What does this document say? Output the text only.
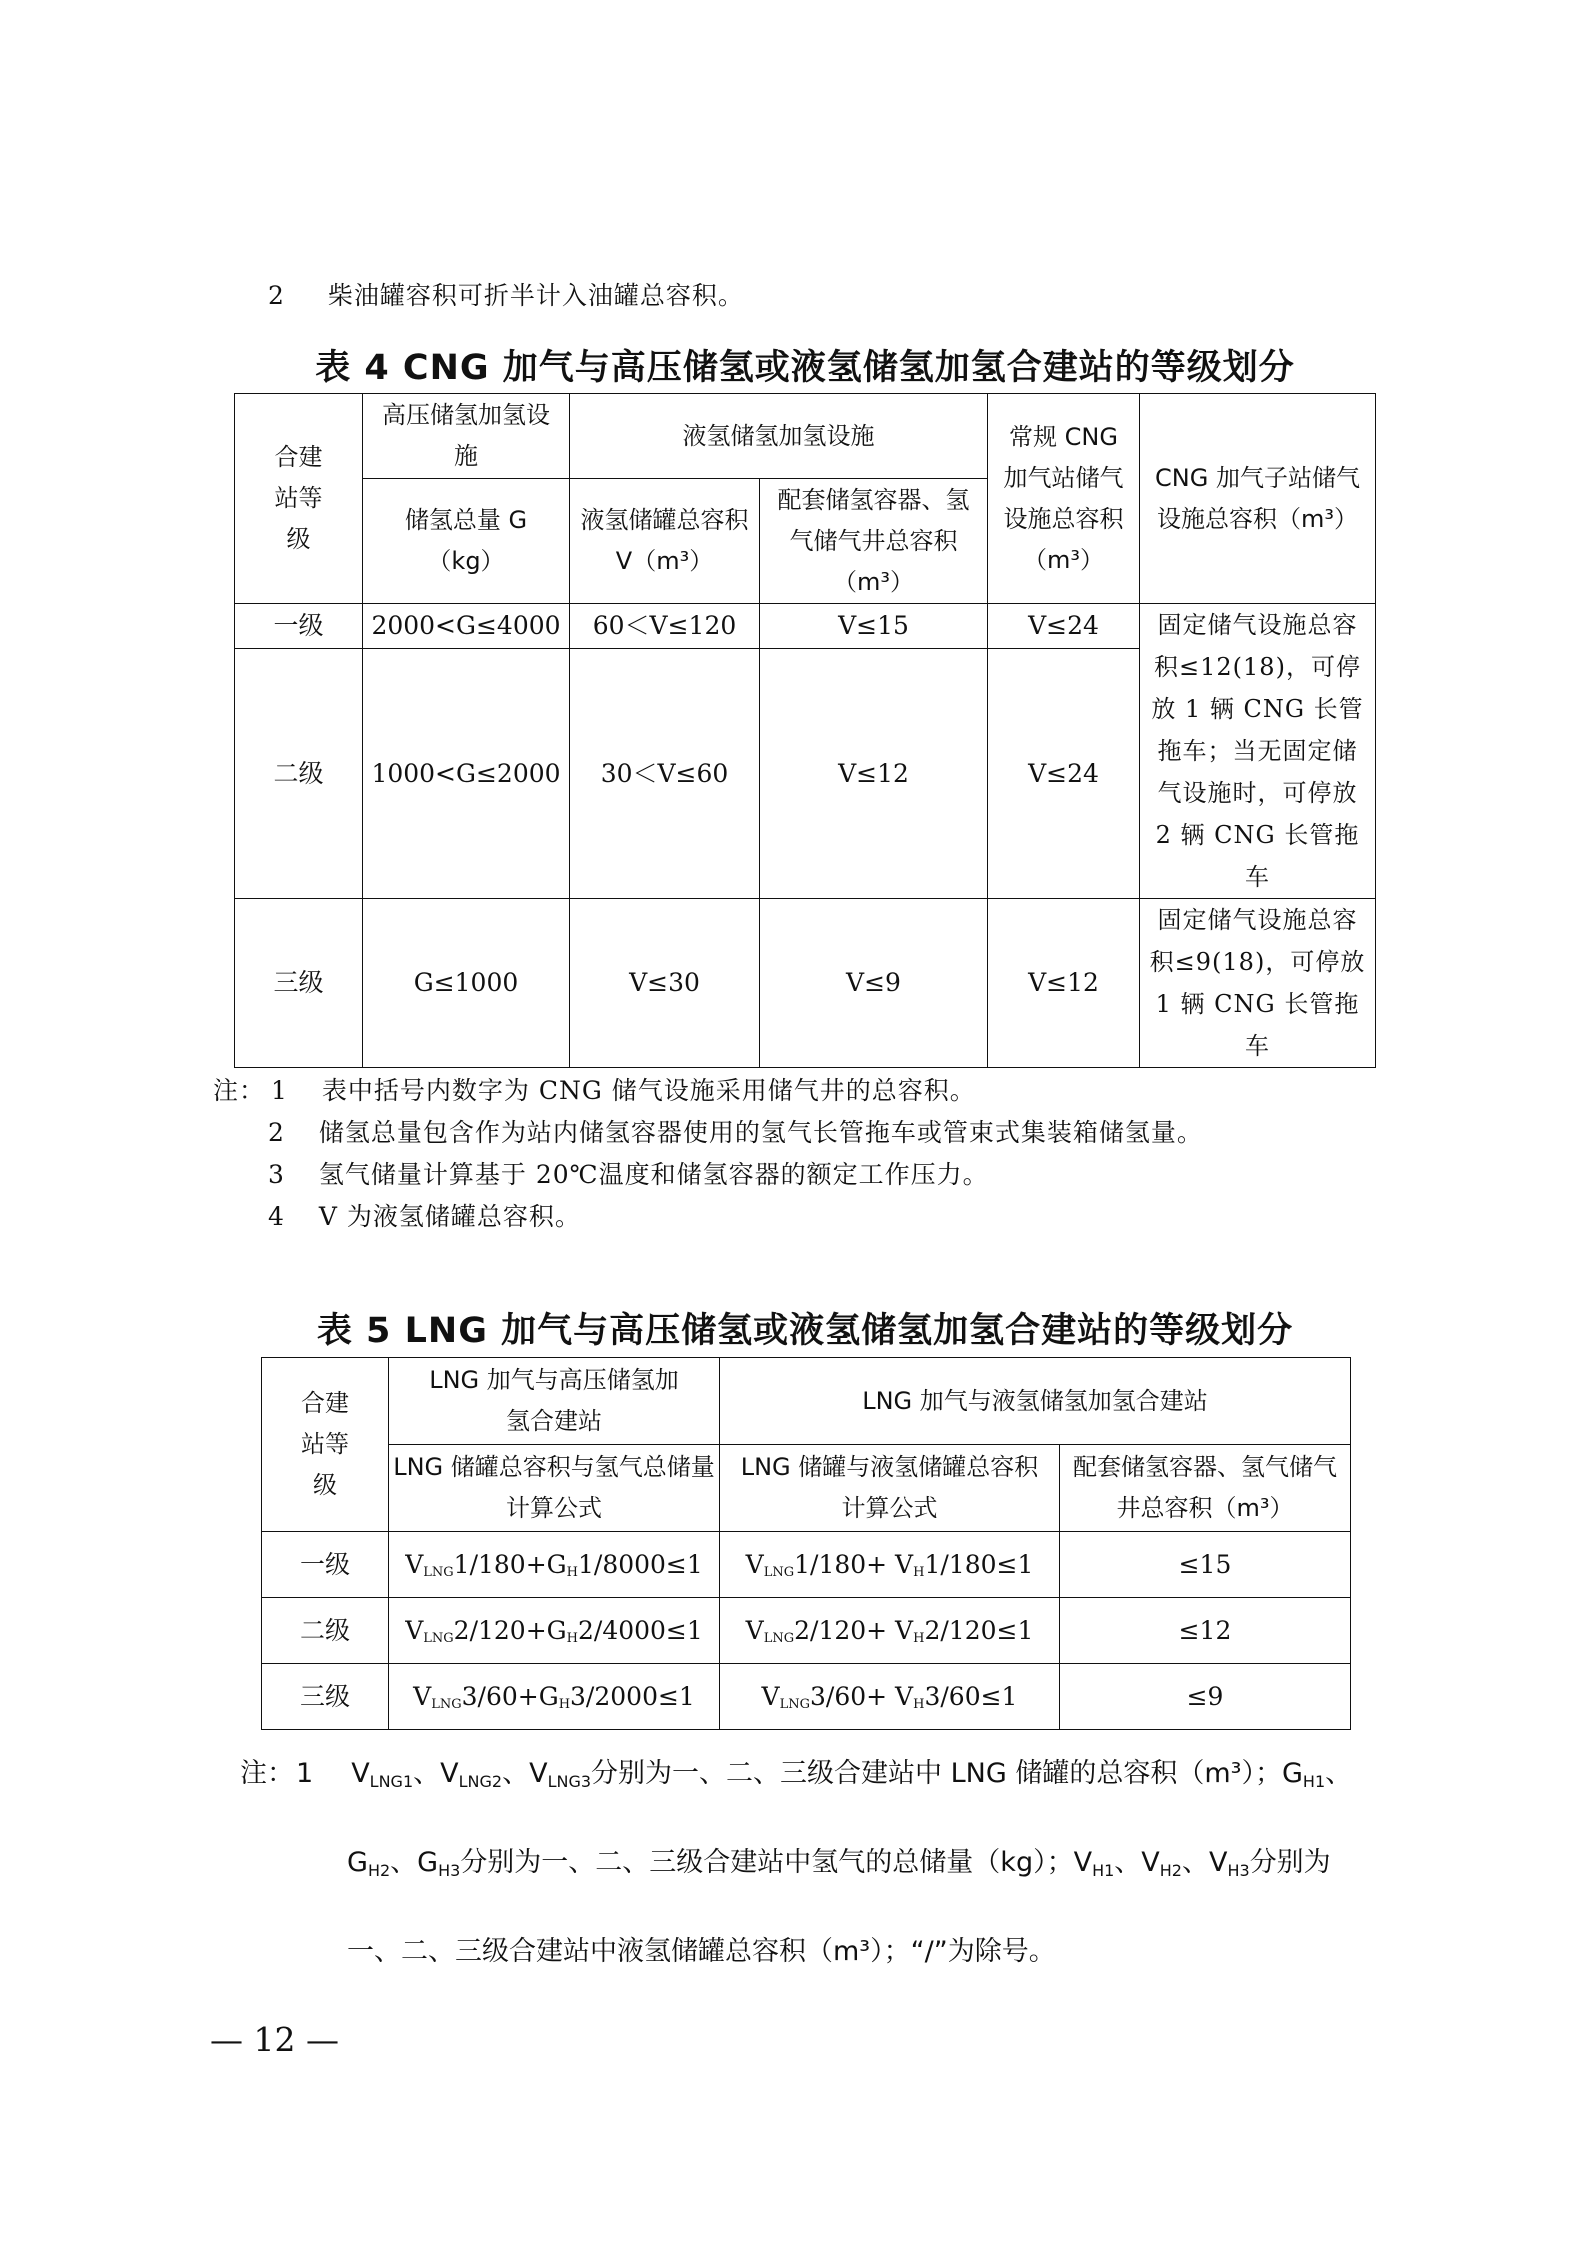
2 柴油罐容积可折半计入油罐总容积。
表 4 CNG 加气与高压储氢或液氢储氢加氢合建站的等级划分
合建站等级	高压储氢加氢设施	液氢储氢加氢设施		常规 CNG 加气站储气设施总容积（m³）	CNG 加气子站储气设施总容积（m³）
	储氢总量 G（kg）	液氢储罐总容积 V（m³）	配套储氢容器、氢气储气井总容积（m³）		
一级	2000<G≤4000	60＜V≤120	V≤15	V≤24	固定储气设施总容积≤12(18)，可停放 1 辆 CNG 长管拖车；当无固定储气设施时，可停放 2 辆 CNG 长管拖车
二级	1000<G≤2000	30＜V≤60	V≤12	V≤24	
三级	G≤1000	V≤30	V≤9	V≤12	固定储气设施总容积≤9(18)，可停放 1 辆 CNG 长管拖车
注： 1 表中括号内数字为 CNG 储气设施采用储气井的总容积。
2 储氢总量包含作为站内储氢容器使用的氢气长管拖车或管束式集装箱储氢量。
3 氢气储量计算基于 20℃温度和储氢容器的额定工作压力。
4 V 为液氢储罐总容积。
表 5 LNG 加气与高压储氢或液氢储氢加氢合建站的等级划分
合建站等级	LNG 加气与高压储氢加氢合建站	LNG 加气与液氢储氢加氢合建站	
	LNG 储罐总容积与氢气总储量计算公式	LNG 储罐与液氢储罐总容积计算公式	配套储氢容器、氢气储气井总容积（m³）
一级	$V_{LNG}1/180+G_H1/8000\le 1$	$V_{LNG}1/180+ V_H1/180\le 1$	≤15
二级	$V_{LNG}2/120+G_H2/4000\le 1$	$V_{LNG}2/120+ V_H2/120\le 1$	≤12
三级	$V_{LNG}3/60+G_H3/2000\le 1$	$V_{LNG}3/60+ V_H3/60\le 1$	≤9
注：1 $V_{LNG1}$、$V_{LNG2}$、$V_{LNG3}$分别为一、二、三级合建站中 LNG 储罐的总容积（m³）；$G_{H1}$、
$G_{H2}$、$G_{H3}$分别为一、二、三级合建站中氢气的总储量（kg）；$V_{H1}$、$V_{H2}$、$V_{H3}$分别为
一、二、三级合建站中液氢储罐总容积（m³）；“/”为除号。
— 12 —
